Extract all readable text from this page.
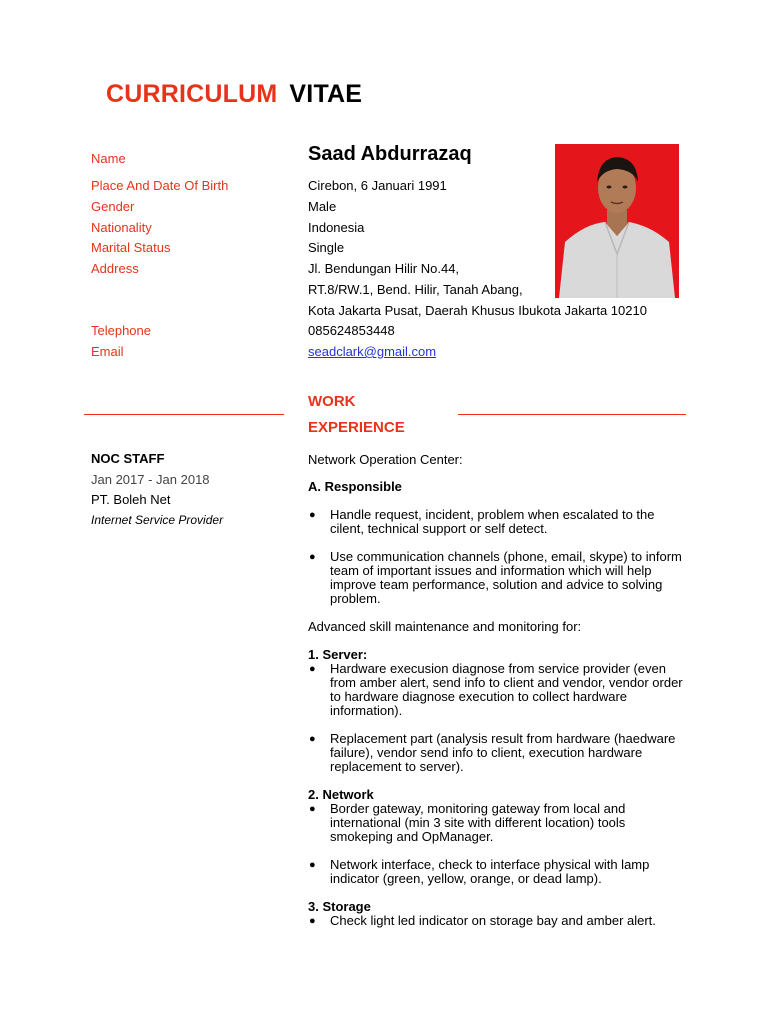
CURRICULUM VITAE
Name
Place And Date Of Birth
Gender
Nationality
Marital Status
Address
Telephone
Email
Saad Abdurrazaq
Cirebon, 6 Januari 1991
Male
Indonesia
Single
Jl. Bendungan Hilir No.44,
RT.8/RW.1, Bend. Hilir, Tanah Abang,
Kota Jakarta Pusat, Daerah Khusus Ibukota Jakarta 10210
085624853448
seadclark@gmail.com
WORK
EXPERIENCE
NOC STAFF
Jan 2017 - Jan 2018
PT. Boleh Net
Internet Service Provider
Network Operation Center:
A. Responsible
● Handle request, incident, problem when escalated to the cilent, technical support or self detect.
● Use communication channels (phone, email, skype) to inform team of important issues and information which will help improve team performance, solution and advice to solving problem.
Advanced skill maintenance and monitoring for:
1. Server:
● Hardware execusion diagnose from service provider (even from amber alert, send info to client and vendor, vendor order to hardware diagnose execution to collect hardware information).
● Replacement part (analysis result from hardware (haedware failure), vendor send info to client, execution hardware replacement to server).
2. Network
● Border gateway, monitoring gateway from local and international (min 3 site with different location) tools smokeping and OpManager.
● Network interface, check to interface physical with lamp indicator (green, yellow, orange, or dead lamp).
3. Storage
● Check light led indicator on storage bay and amber alert.
